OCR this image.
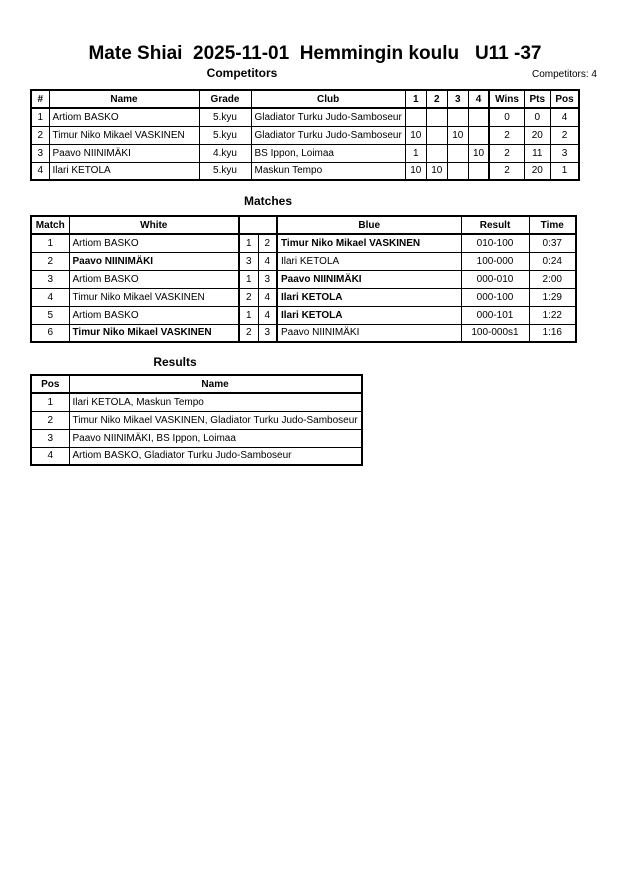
Mate Shiai  2025-11-01  Hemmingin koulu   U11 -37
Competitors	Competitors: 4
#	Name	Grade	Club	1	2	3	4	Wins	Pts	Pos
1	Artiom BASKO	5.kyu	Gladiator Turku Judo-Samboseur					0	0	4
2	Timur Niko Mikael VASKINEN	5.kyu	Gladiator Turku Judo-Samboseur	10		10		2	20	2
3	Paavo NIINIMÄKI	4.kyu	BS Ippon, Loimaa	1			10	2	11	3
4	Ilari KETOLA	5.kyu	Maskun Tempo	10	10			2	20	1
Matches
Match	White			Blue	Result	Time
1	Artiom BASKO	1	2	Timur Niko Mikael VASKINEN	010-100	0:37
2	Paavo NIINIMÄKI	3	4	Ilari KETOLA	100-000	0:24
3	Artiom BASKO	1	3	Paavo NIINIMÄKI	000-010	2:00
4	Timur Niko Mikael VASKINEN	2	4	Ilari KETOLA	000-100	1:29
5	Artiom BASKO	1	4	Ilari KETOLA	000-101	1:22
6	Timur Niko Mikael VASKINEN	2	3	Paavo NIINIMÄKI	100-000s1	1:16
Results
Pos	Name
1	Ilari KETOLA, Maskun Tempo

2	Timur Niko Mikael VASKINEN, Gladiator Turku Judo-Samboseur

3	Paavo NIINIMÄKI, BS Ippon, Loimaa

4	Artiom BASKO, Gladiator Turku Judo-Samboseur
